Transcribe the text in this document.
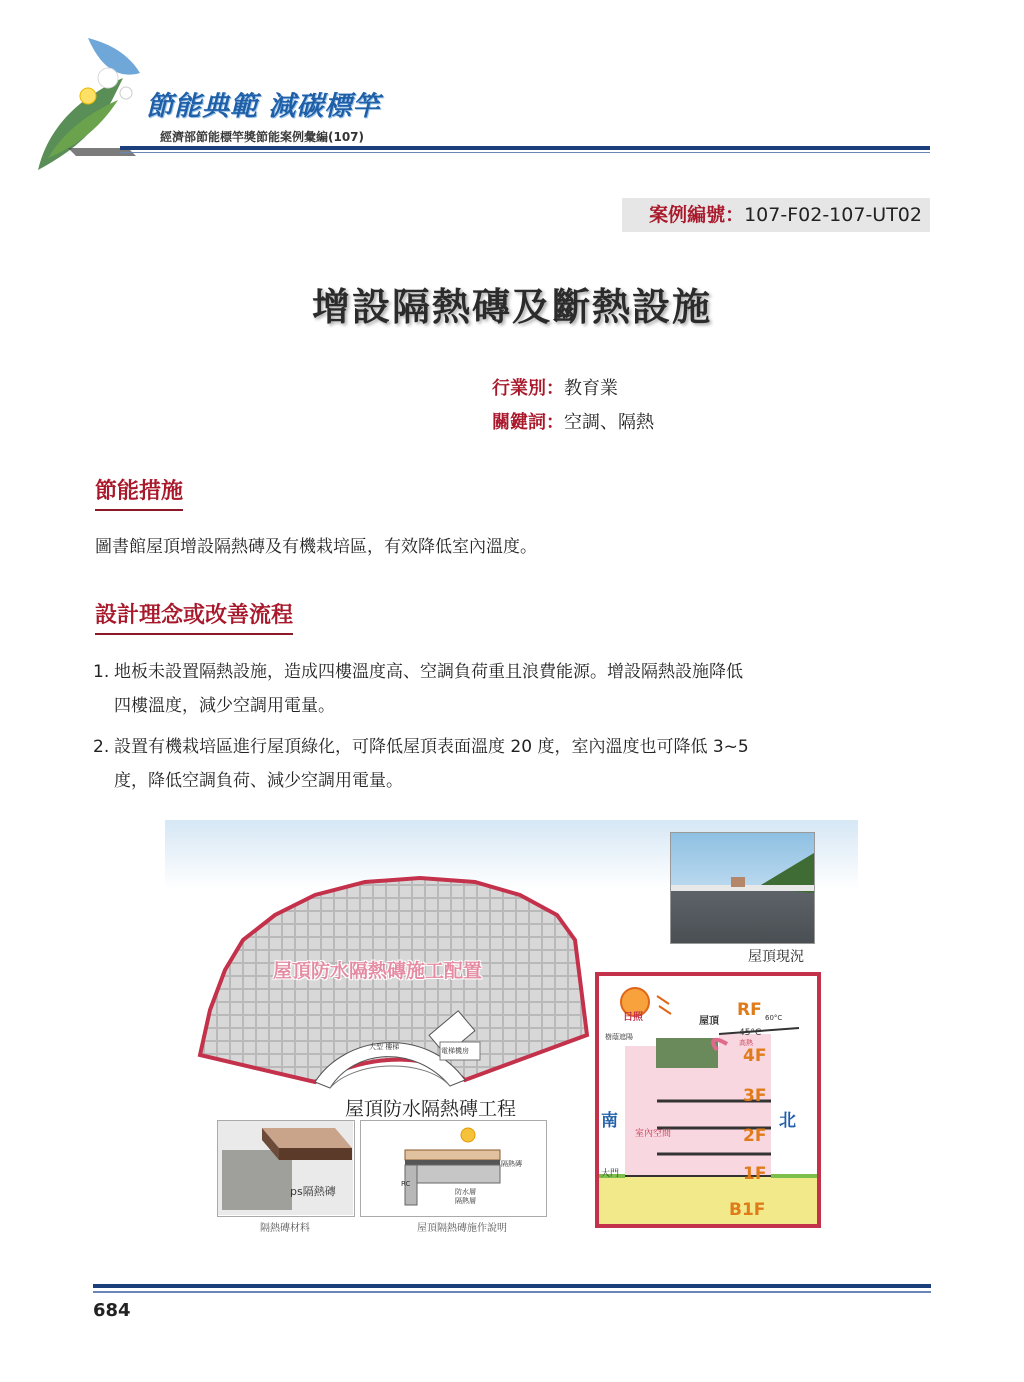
節能典範 減碳標竿
經濟部節能標竿獎節能案例彙編(107)
案例編號：107-F02-107-UT02
增設隔熱磚及斷熱設施
行業別：教育業
關鍵詞：空調、隔熱
節能措施
圖書館屋頂增設隔熱磚及有機栽培區，有效降低室內溫度。
設計理念或改善流程
1. 地板未設置隔熱設施，造成四樓溫度高、空調負荷重且浪費能源。增設隔熱設施降低
四樓溫度，減少空調用電量。
2. 設置有機栽培區進行屋頂綠化，可降低屋頂表面溫度 20 度，室內溫度也可降低 3~5
度，降低空調負荷、減少空調用電量。
屋頂防水隔熱磚施工配置
屋頂防水隔熱磚工程
大型 樓梯	電梯機房
ps隔熱磚
隔熱磚
RC
防水層
隔熱層
隔熱磚材料	屋頂隔熱磚施作說明
屋頂現況
日照	屋頂
RF 60°C
45°C
高熱
樹蔭遮陽
4F
3F
2F
1F
B1F
南	北
室內空間
大門
684
